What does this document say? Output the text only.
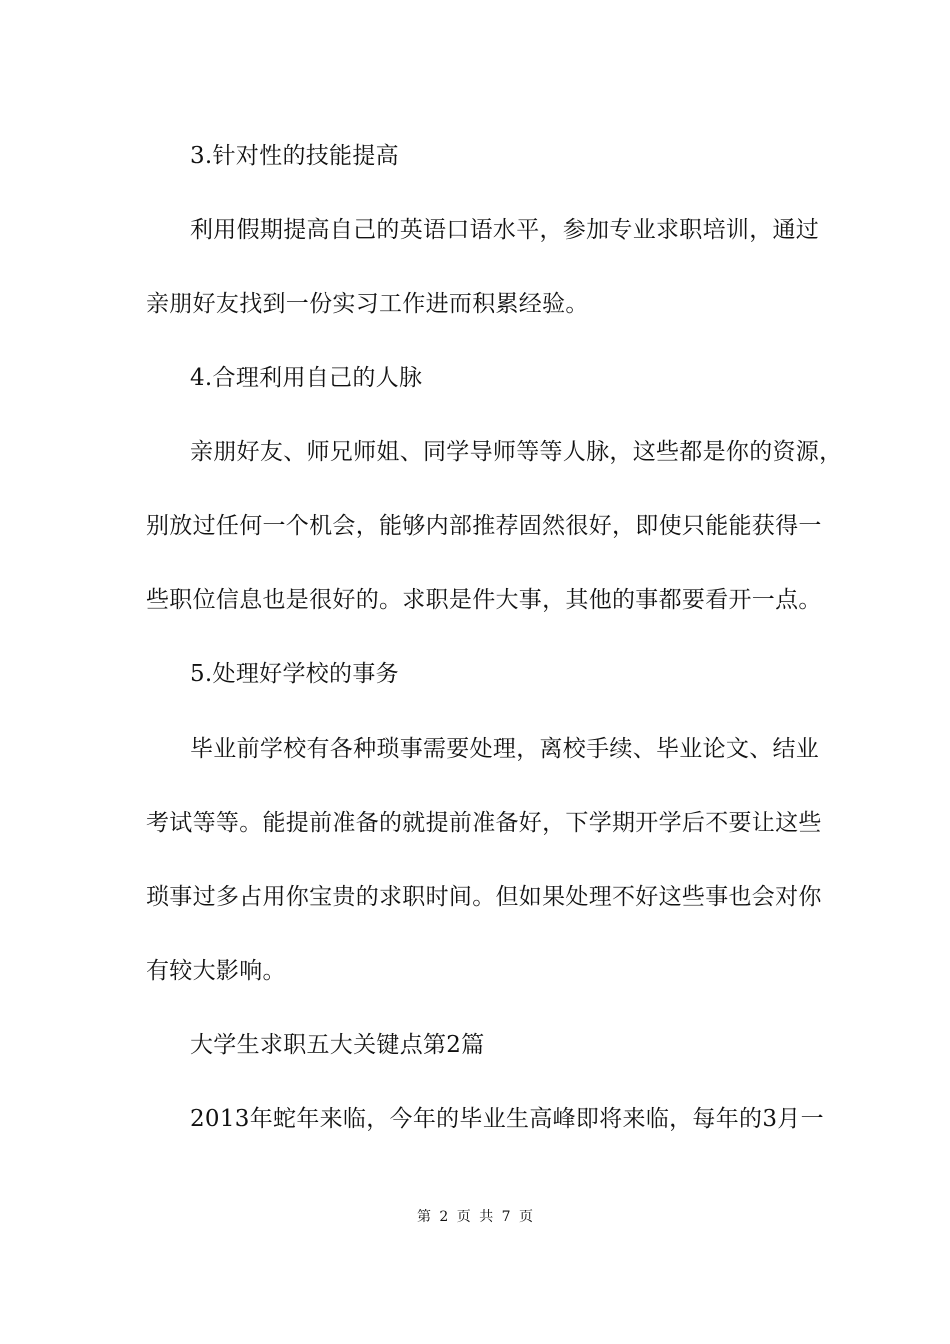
3.针对性的技能提高
利用假期提高自己的英语口语水平，参加专业求职培训，通过
亲朋好友找到一份实习工作进而积累经验。
4.合理利用自己的人脉
亲朋好友、师兄师姐、同学导师等等人脉，这些都是你的资源，
别放过任何一个机会，能够内部推荐固然很好，即使只能能获得一
些职位信息也是很好的。求职是件大事，其他的事都要看开一点。
5.处理好学校的事务
毕业前学校有各种琐事需要处理，离校手续、毕业论文、结业
考试等等。能提前准备的就提前准备好，下学期开学后不要让这些
琐事过多占用你宝贵的求职时间。但如果处理不好这些事也会对你
有较大影响。
大学生求职五大关键点第2篇
2013年蛇年来临，今年的毕业生高峰即将来临，每年的3月一
第 2 页 共 7 页
